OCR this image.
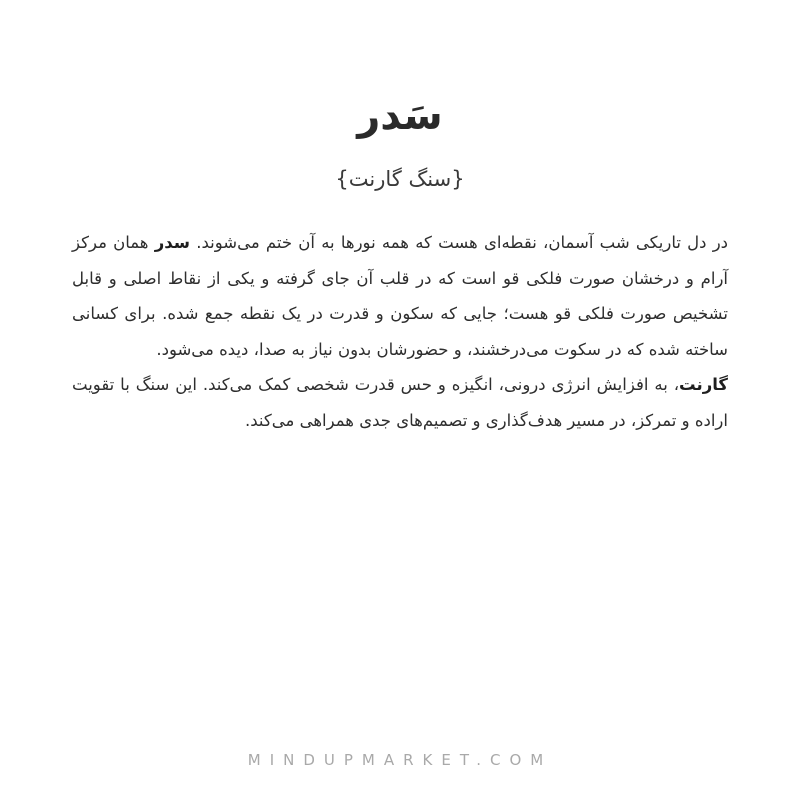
سَدر
{سنگ گارنت}

در دل تاریکی شب آسمان، نقطه‌ای هست که همه نورها به آن ختم می‌شوند. سدر همان مرکز آرام و درخشان صورت فلکی قو است که در قلب آن جای گرفته و یکی از نقاط اصلی و قابل تشخیص صورت فلکی قو هست؛ جایی که سکون و قدرت در یک نقطه جمع شده. برای کسانی ساخته شده که در سکوت می‌درخشند، و حضورشان بدون نیاز به صدا، دیده می‌شود.

گارنت، به افزایش انرژی درونی، انگیزه و حس قدرت شخصی کمک می‌کند. این سنگ با تقویت اراده و تمرکز، در مسیر هدف‌گذاری و تصمیم‌های جدی همراهی می‌کند.

MINDUPMARKET.COM
